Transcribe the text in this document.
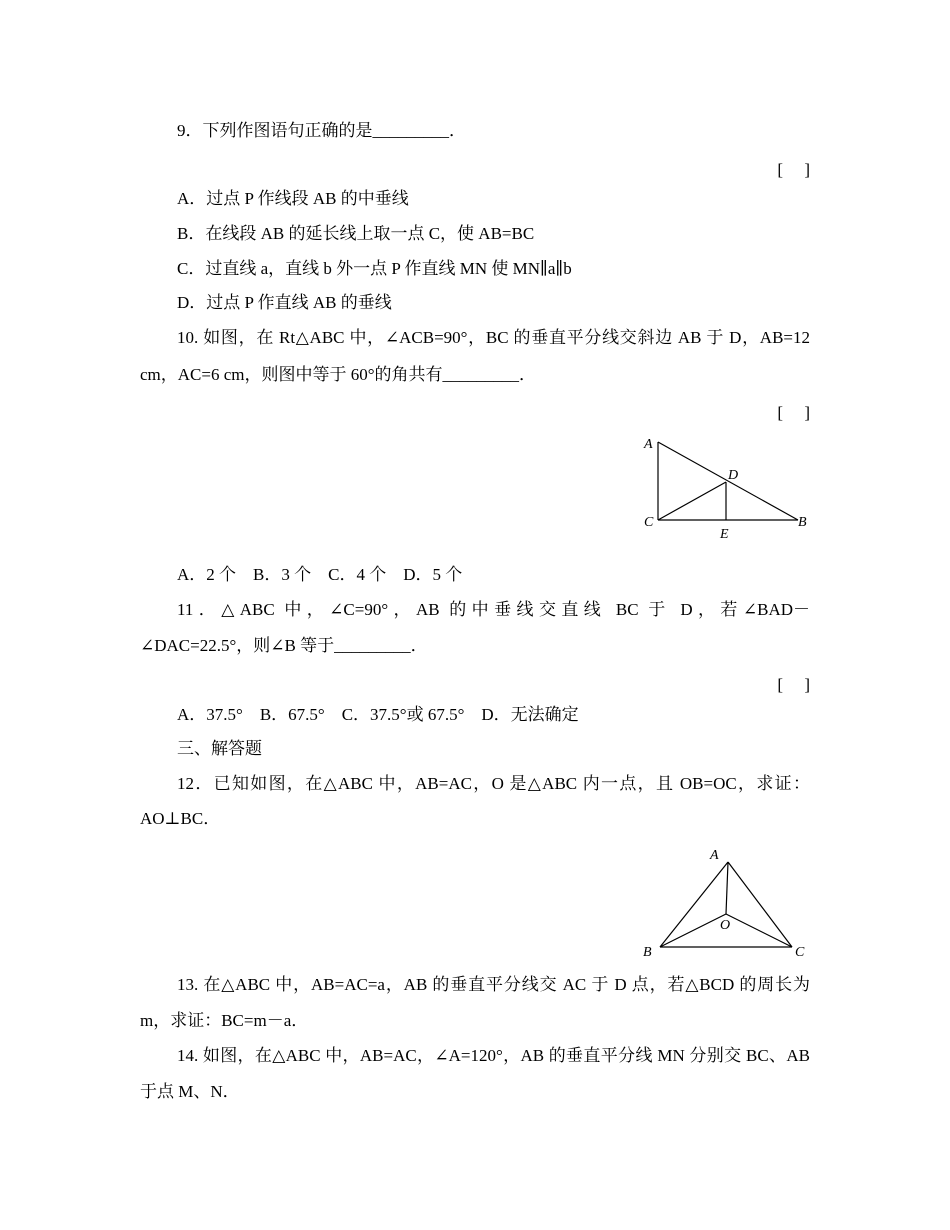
9．下列作图语句正确的是_________．
[　 ]
A．过点 P 作线段 AB 的中垂线
B．在线段 AB 的延长线上取一点 C，使 AB=BC
C．过直线 a，直线 b 外一点 P 作直线 MN 使 MN∥a∥b
D．过点 P 作直线 AB 的垂线
10. 如图，在 Rt△ABC 中，∠ACB=90°，BC 的垂直平分线交斜边 AB 于 D，AB=12
cm，AC=6 cm，则图中等于 60°的角共有_________．
[　 ]
A
C	B
D
E
A．2 个　B．3 个　C．4 个　D．5 个
11．△ABC 中，∠C=90°，AB 的中垂线交直线 BC 于 D，若∠BAD－
∠DAC=22.5°，则∠B 等于_________．
[　 ]
A．37.5°　B．67.5°　C．37.5°或 67.5°　D．无法确定
三、解答题
12．已知如图，在△ABC 中，AB=AC，O 是△ABC 内一点，且 OB=OC，求证：
AO⊥BC．
A
B	C
O
13. 在△ABC 中，AB=AC=a，AB 的垂直平分线交 AC 于 D 点，若△BCD 的周长为
m，求证：BC=m－a．
14. 如图，在△ABC 中，AB=AC，∠A=120°，AB 的垂直平分线 MN 分别交 BC、AB
于点 M、N．
